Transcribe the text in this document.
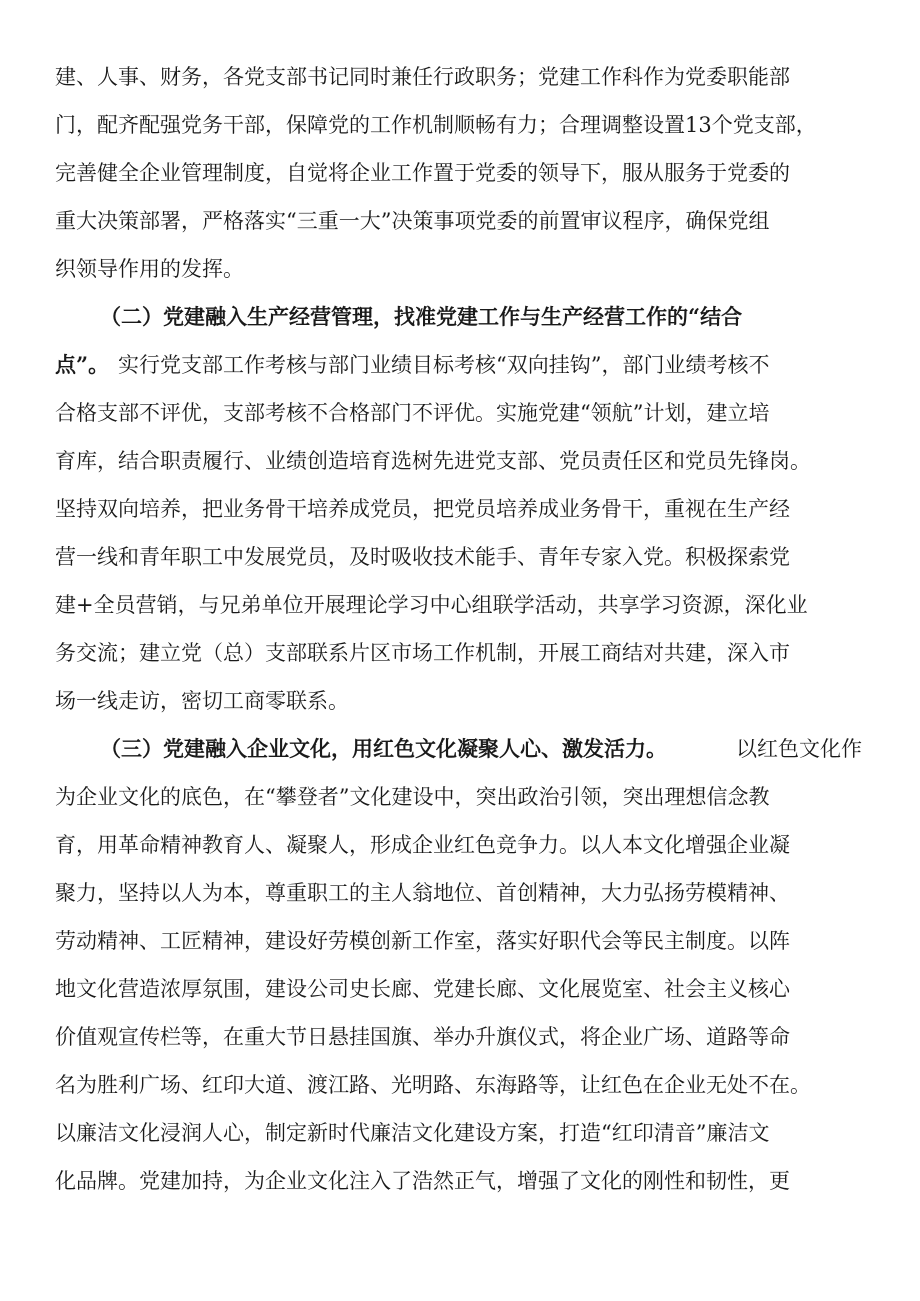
建、人事、财务，各党支部书记同时兼任行政职务；党建工作科作为党委职能部
门，配齐配强党务干部，保障党的工作机制顺畅有力；合理调整设置13个党支部，
完善健全企业管理制度，自觉将企业工作置于党委的领导下，服从服务于党委的
重大决策部署，严格落实“三重一大”决策事项党委的前置审议程序，确保党组
织领导作用的发挥。
（二）党建融入生产经营管理，找准党建工作与生产经营工作的“结合
点”。 实行党支部工作考核与部门业绩目标考核“双向挂钩”，部门业绩考核不
合格支部不评优，支部考核不合格部门不评优。实施党建“领航”计划，建立培
育库，结合职责履行、业绩创造培育选树先进党支部、党员责任区和党员先锋岗。
坚持双向培养，把业务骨干培养成党员，把党员培养成业务骨干，重视在生产经
营一线和青年职工中发展党员，及时吸收技术能手、青年专家入党。积极探索党
建+全员营销，与兄弟单位开展理论学习中心组联学活动，共享学习资源，深化业
务交流；建立党（总）支部联系片区市场工作机制，开展工商结对共建，深入市
场一线走访，密切工商零联系。
（三）党建融入企业文化，用红色文化凝聚人心、激发活力。	以红色文化作
为企业文化的底色，在“攀登者”文化建设中，突出政治引领，突出理想信念教
育，用革命精神教育人、凝聚人，形成企业红色竞争力。以人本文化增强企业凝
聚力，坚持以人为本，尊重职工的主人翁地位、首创精神，大力弘扬劳模精神、
劳动精神、工匠精神，建设好劳模创新工作室，落实好职代会等民主制度。以阵
地文化营造浓厚氛围，建设公司史长廊、党建长廊、文化展览室、社会主义核心
价值观宣传栏等，在重大节日悬挂国旗、举办升旗仪式，将企业广场、道路等命
名为胜利广场、红印大道、渡江路、光明路、东海路等，让红色在企业无处不在。
以廉洁文化浸润人心，制定新时代廉洁文化建设方案，打造“红印清音”廉洁文
化品牌。党建加持，为企业文化注入了浩然正气，增强了文化的刚性和韧性，更
